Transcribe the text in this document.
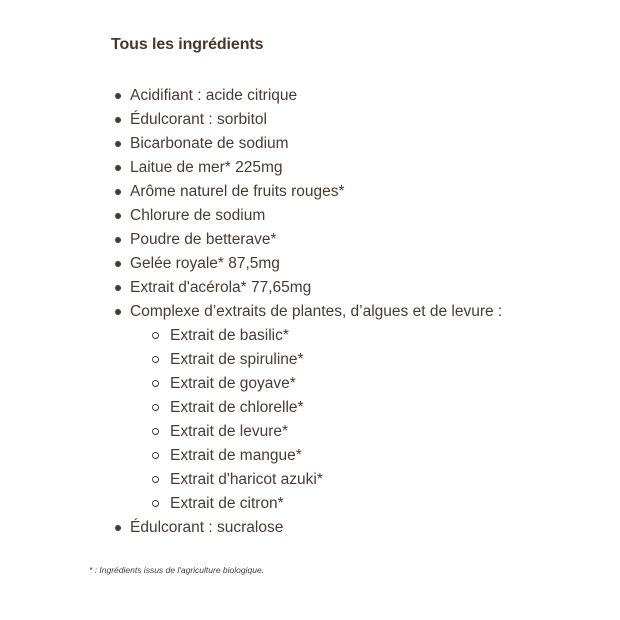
Tous les ingrédients
Acidifiant : acide citrique
Édulcorant : sorbitol
Bicarbonate de sodium
Laitue de mer* 225mg
Arôme naturel de fruits rouges*
Chlorure de sodium
Poudre de betterave*
Gelée royale* 87,5mg
Extrait d'acérola* 77,65mg
Complexe d’extraits de plantes, d’algues et de levure :
Extrait de basilic*
Extrait de spiruline*
Extrait de goyave*
Extrait de chlorelle*
Extrait de levure*
Extrait de mangue*
Extrait d'haricot azuki*
Extrait de citron*
Édulcorant : sucralose

* : Ingrédients issus de l'agriculture biologique.
